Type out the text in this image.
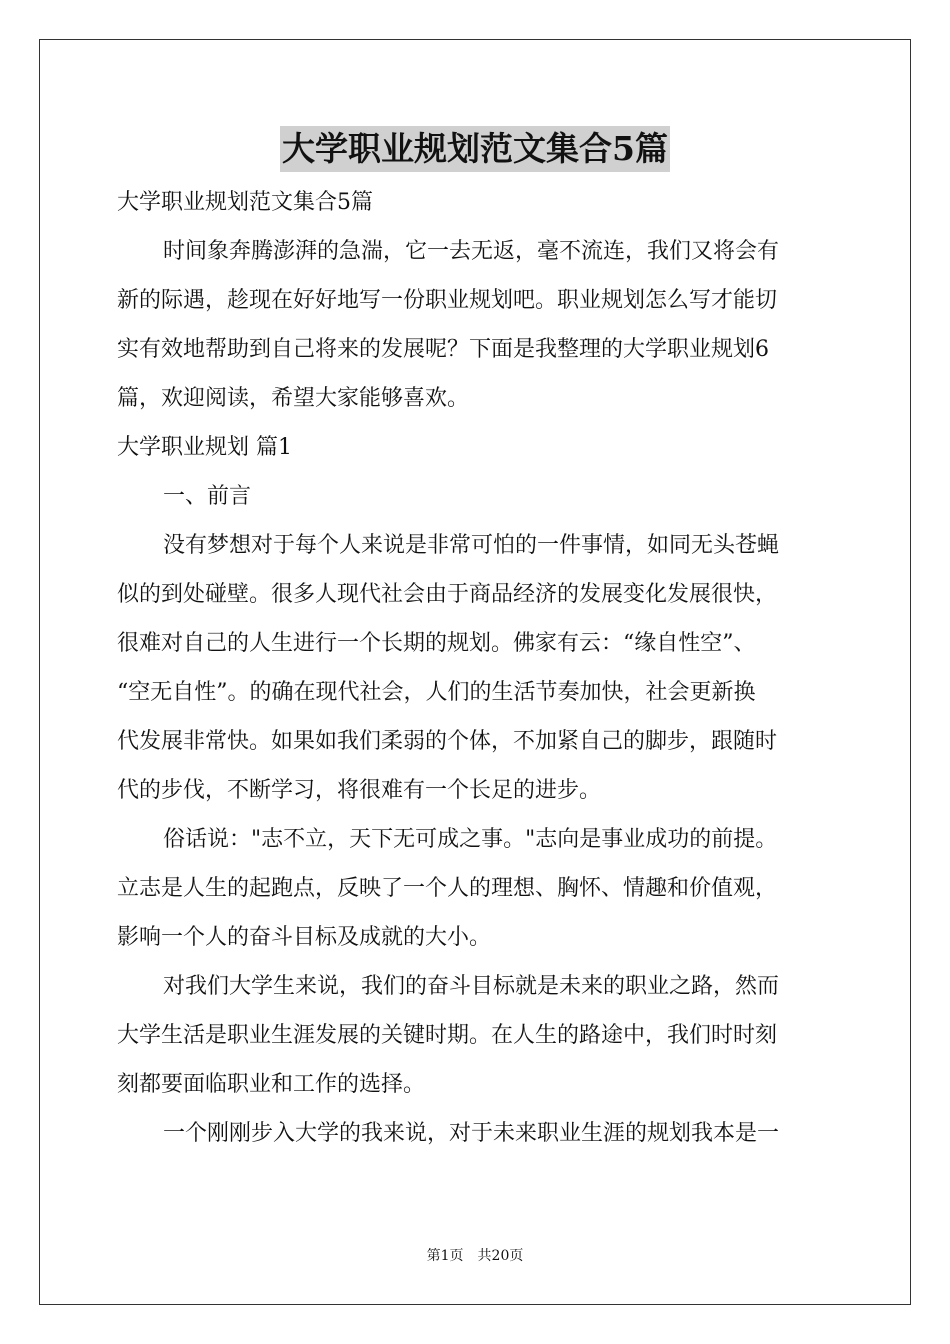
大学职业规划范文集合5篇
大学职业规划范文集合5篇
时间象奔腾澎湃的急湍，它一去无返，毫不流连，我们又将会有
新的际遇，趁现在好好地写一份职业规划吧。职业规划怎么写才能切
实有效地帮助到自己将来的发展呢？下面是我整理的大学职业规划6
篇，欢迎阅读，希望大家能够喜欢。
大学职业规划 篇1
一、前言
没有梦想对于每个人来说是非常可怕的一件事情，如同无头苍蝇
似的到处碰壁。很多人现代社会由于商品经济的发展变化发展很快，
很难对自己的人生进行一个长期的规划。佛家有云：“缘自性空”、
“空无自性”。的确在现代社会，人们的生活节奏加快，社会更新换
代发展非常快。如果如我们柔弱的个体，不加紧自己的脚步，跟随时
代的步伐，不断学习，将很难有一个长足的进步。
俗话说："志不立，天下无可成之事。"志向是事业成功的前提。
立志是人生的起跑点，反映了一个人的理想、胸怀、情趣和价值观，
影响一个人的奋斗目标及成就的大小。
对我们大学生来说，我们的奋斗目标就是未来的职业之路，然而
大学生活是职业生涯发展的关键时期。在人生的路途中，我们时时刻
刻都要面临职业和工作的选择。
一个刚刚步入大学的我来说，对于未来职业生涯的规划我本是一
第1页　共20页
